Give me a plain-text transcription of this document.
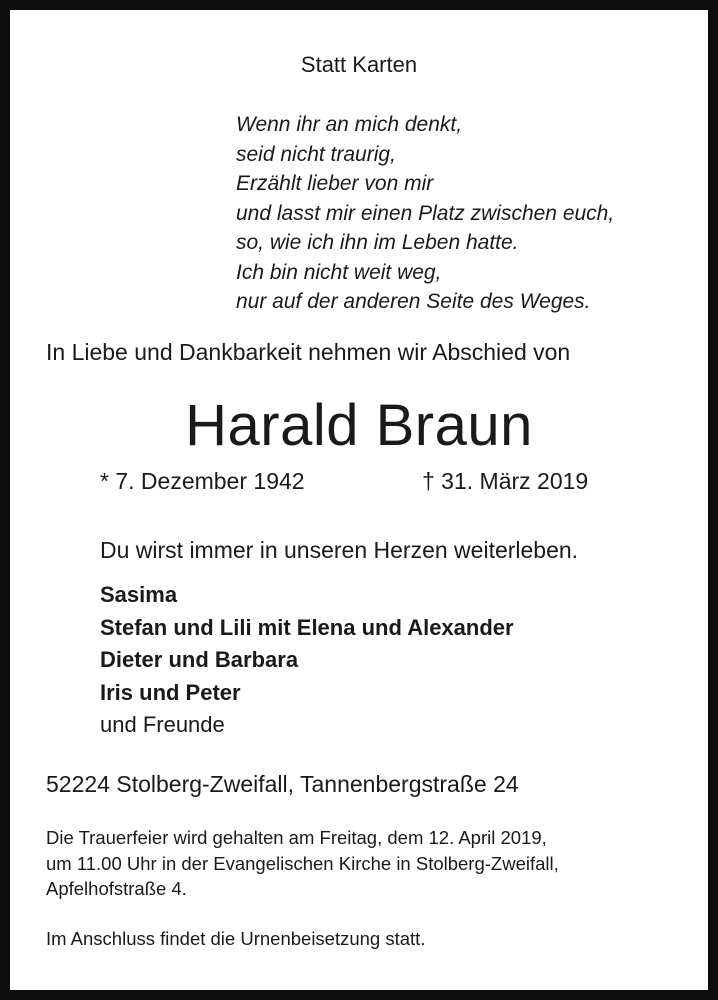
Statt Karten
Wenn ihr an mich denkt,
seid nicht traurig,
Erzählt lieber von mir
und lasst mir einen Platz zwischen euch,
so, wie ich ihn im Leben hatte.
Ich bin nicht weit weg,
nur auf der anderen Seite des Weges.
In Liebe und Dankbarkeit nehmen wir Abschied von
Harald Braun
* 7. Dezember 1942	† 31. März 2019
Du wirst immer in unseren Herzen weiterleben.
Sasima
Stefan und Lili mit Elena und Alexander
Dieter und Barbara
Iris und Peter
und Freunde
52224 Stolberg-Zweifall, Tannenbergstraße 24
Die Trauerfeier wird gehalten am Freitag, dem 12. April 2019,
um 11.00 Uhr in der Evangelischen Kirche in Stolberg-Zweifall,
Apfelhofstraße 4.
Im Anschluss findet die Urnenbeisetzung statt.
